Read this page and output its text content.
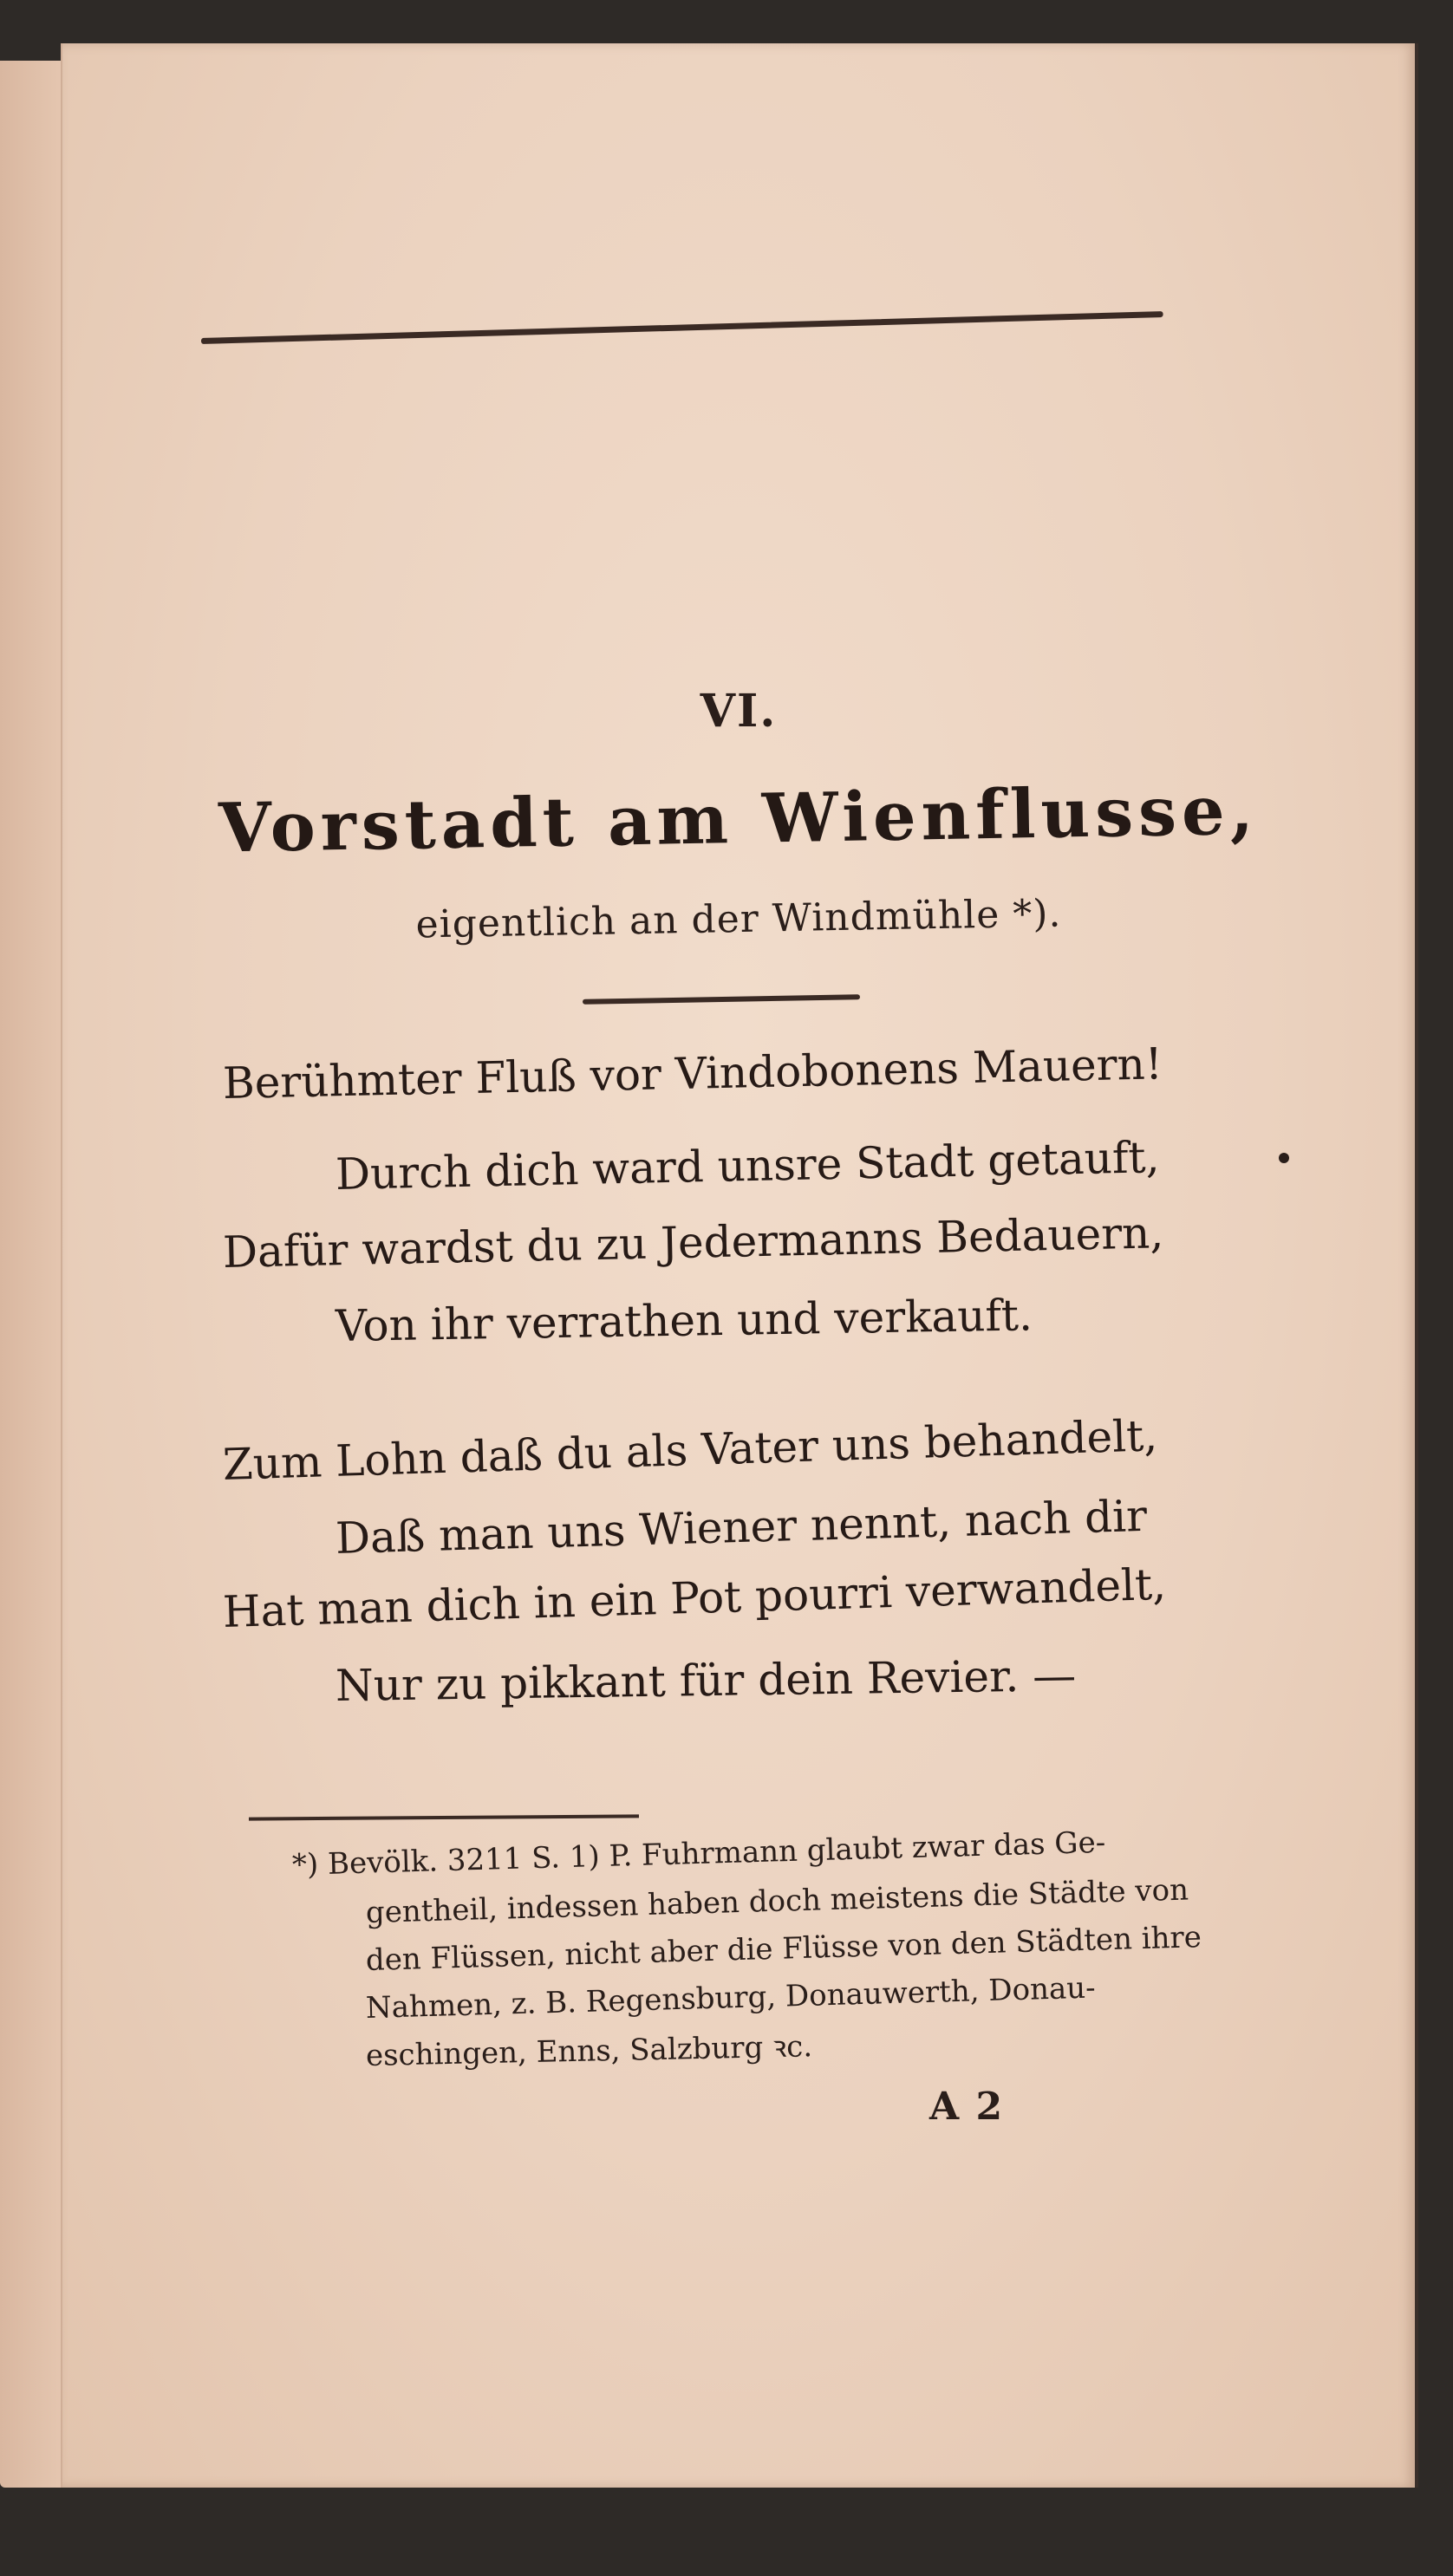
VI.
Vorstadt am Wienflusse,
eigentlich an der Windmühle *).
Berühmter Fluß vor Vindobonens Mauern!
Durch dich ward unsre Stadt getauft,
Dafür wardst du zu Jedermanns Bedauern,
Von ihr verrathen und verkauft.
Zum Lohn daß du als Vater uns behandelt,
Daß man uns Wiener nennt, nach dir
Hat man dich in ein Pot pourri verwandelt,
Nur zu pikkant für dein Revier. —
*) Bevölk. 3211 S. 1) P. Fuhrmann glaubt zwar das Ge-
gentheil, indessen haben doch meistens die Städte von
den Flüssen, nicht aber die Flüsse von den Städten ihre
Nahmen, z. B. Regensburg, Donauwerth, Donau-
eschingen, Enns, Salzburg ꝛc.
A 2
